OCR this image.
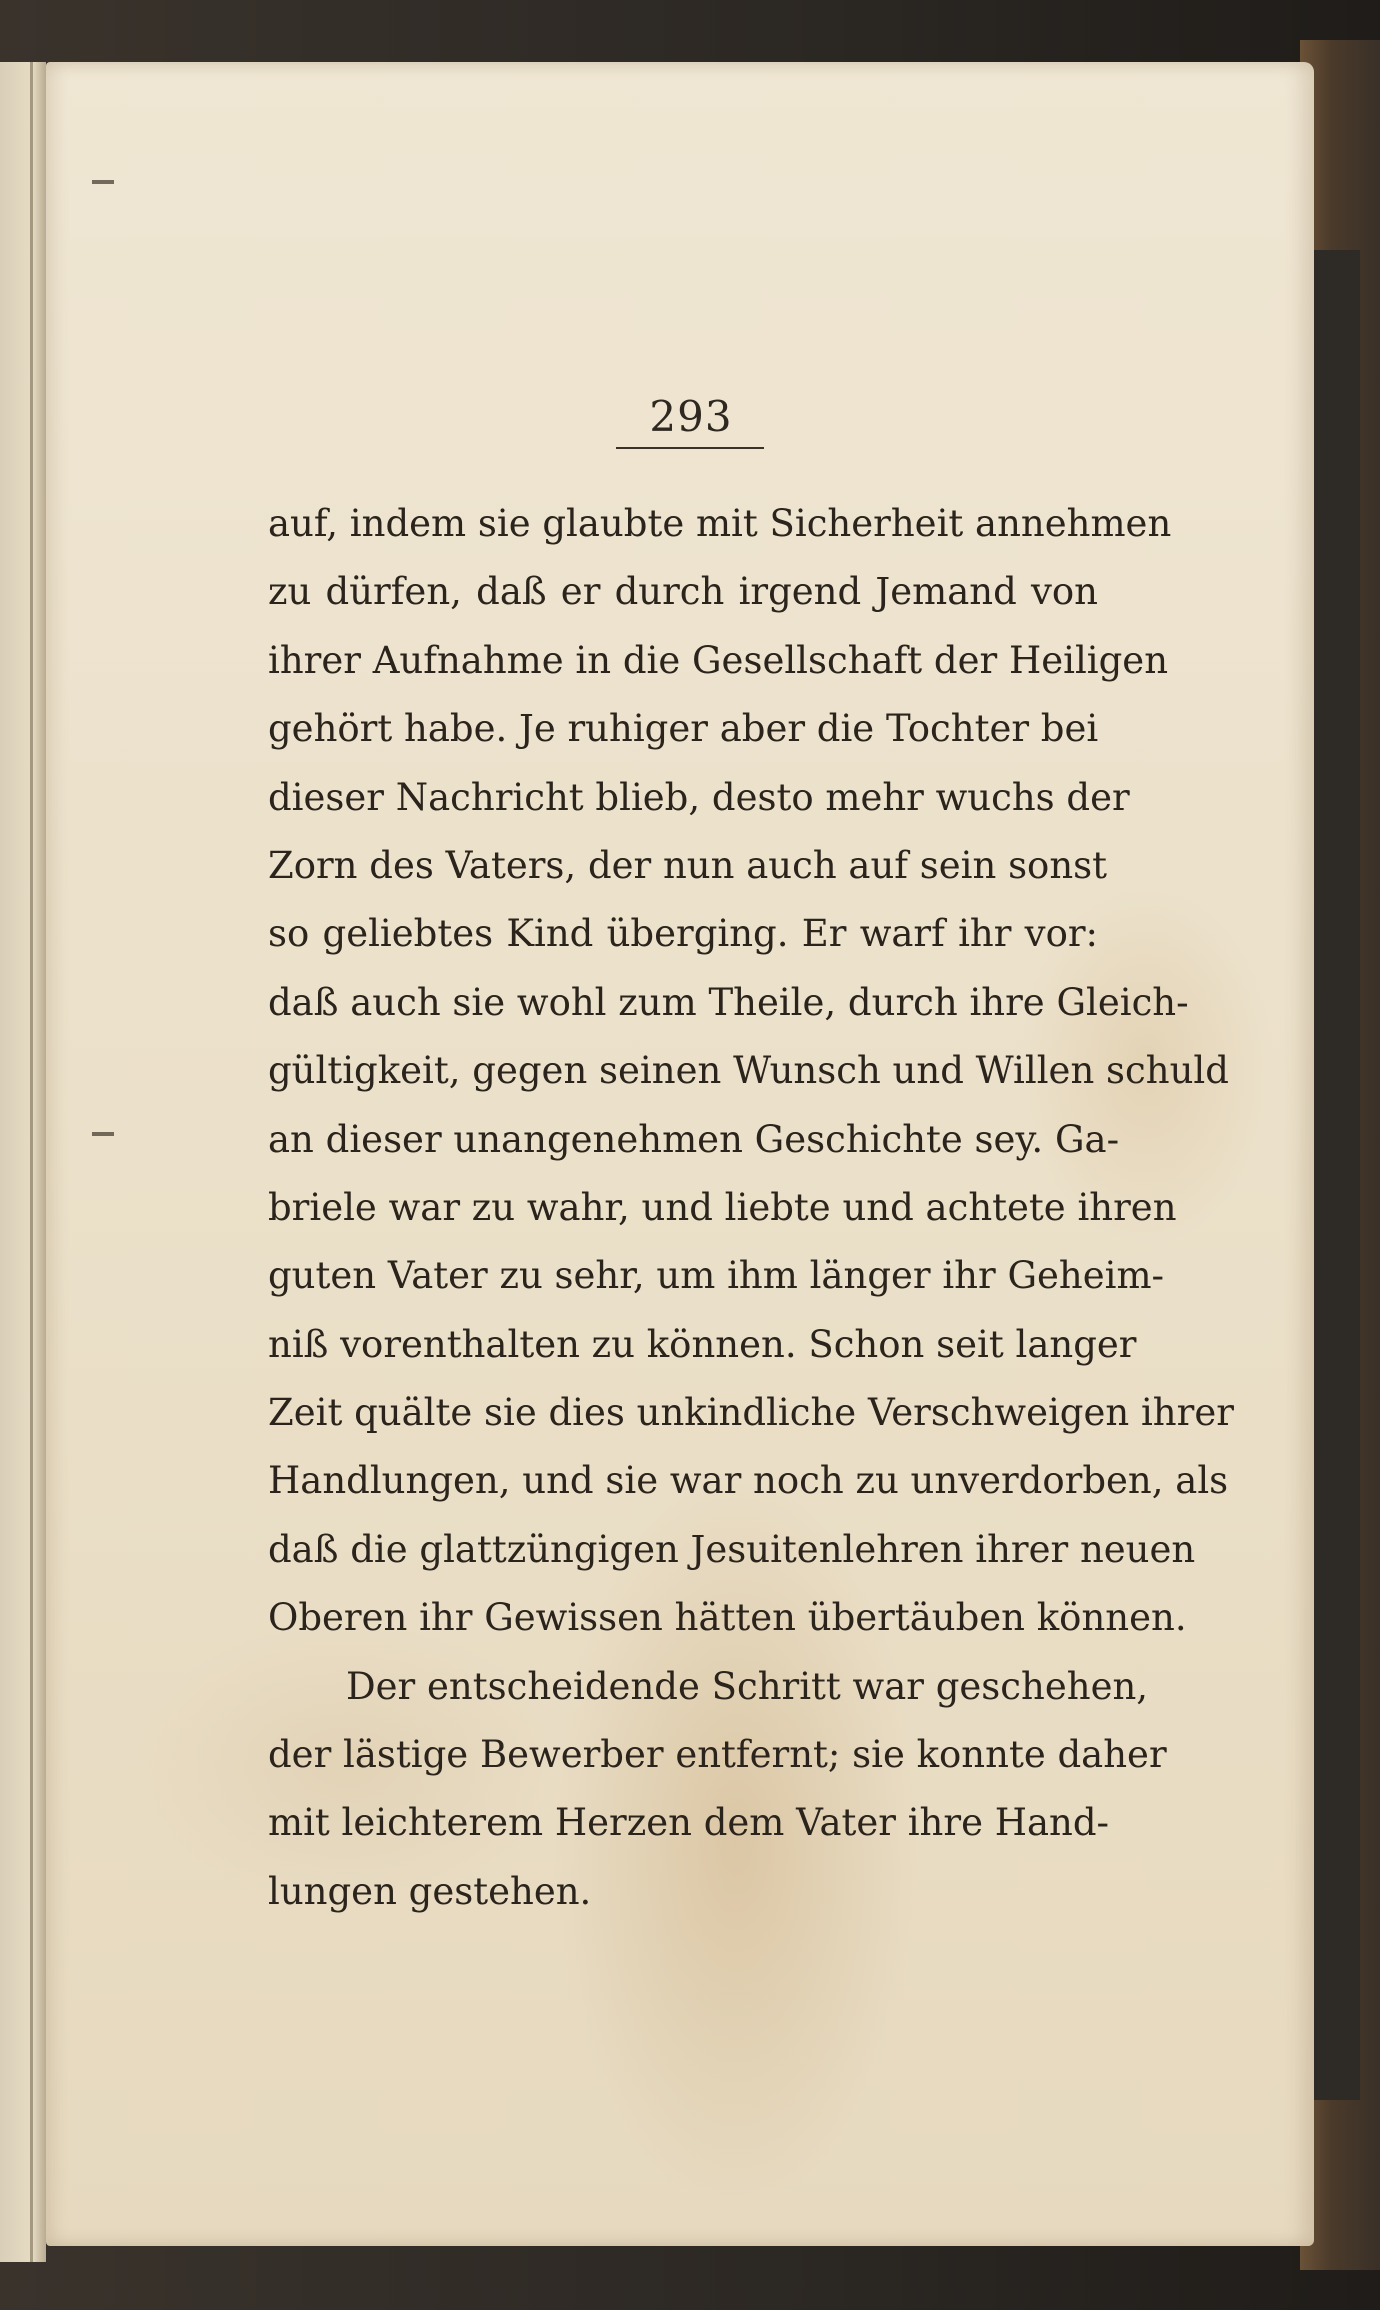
293
auf, indem sie glaubte mit Sicherheit annehmen
zu dürfen, daß er durch irgend Jemand von
ihrer Aufnahme in die Gesellschaft der Heiligen
gehört habe. Je ruhiger aber die Tochter bei
dieser Nachricht blieb, desto mehr wuchs der
Zorn des Vaters, der nun auch auf sein sonst
so geliebtes Kind überging. Er warf ihr vor:
daß auch sie wohl zum Theile, durch ihre Gleich-
gültigkeit, gegen seinen Wunsch und Willen schuld
an dieser unangenehmen Geschichte sey. Ga-
briele war zu wahr, und liebte und achtete ihren
guten Vater zu sehr, um ihm länger ihr Geheim-
niß vorenthalten zu können. Schon seit langer
Zeit quälte sie dies unkindliche Verschweigen ihrer
Handlungen, und sie war noch zu unverdorben, als
daß die glattzüngigen Jesuitenlehren ihrer neuen
Oberen ihr Gewissen hätten übertäuben können.
Der entscheidende Schritt war geschehen,
der lästige Bewerber entfernt; sie konnte daher
mit leichterem Herzen dem Vater ihre Hand-
lungen gestehen.
